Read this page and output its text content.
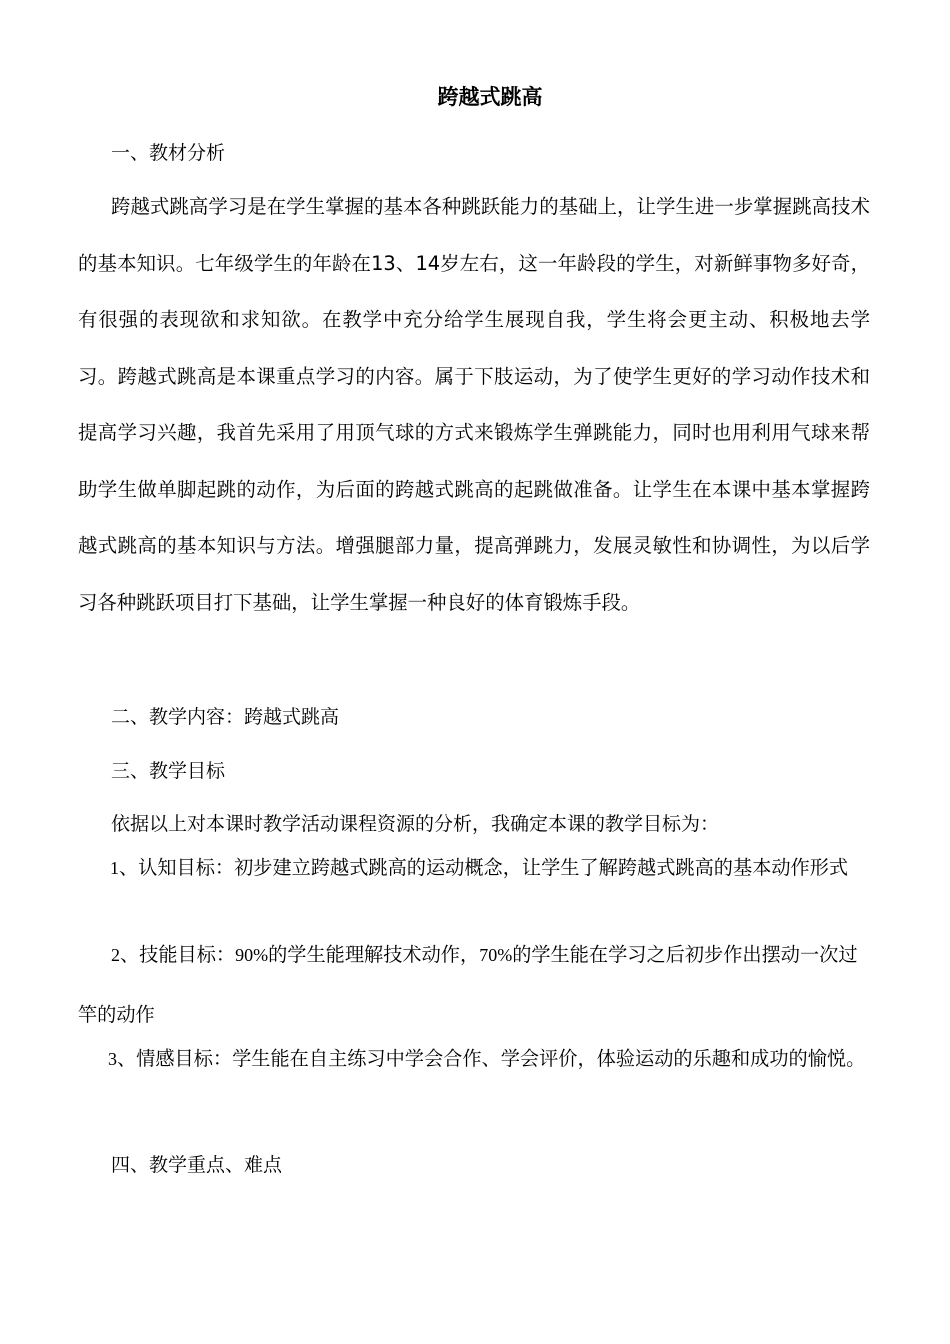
跨越式跳高

一、教材分析

跨越式跳高学习是在学生掌握的基本各种跳跃能力的基础上，让学生进一步掌握跳高技术的基本知识。七年级学生的年龄在13、14岁左右，这一年龄段的学生，对新鲜事物多好奇，有很强的表现欲和求知欲。在教学中充分给学生展现自我，学生将会更主动、积极地去学习。跨越式跳高是本课重点学习的内容。属于下肢运动，为了使学生更好的学习动作技术和提高学习兴趣，我首先采用了用顶气球的方式来锻炼学生弹跳能力，同时也用利用气球来帮助学生做单脚起跳的动作，为后面的跨越式跳高的起跳做准备。让学生在本课中基本掌握跨越式跳高的基本知识与方法。增强腿部力量，提高弹跳力，发展灵敏性和协调性，为以后学习各种跳跃项目打下基础，让学生掌握一种良好的体育锻炼手段。

二、教学内容：跨越式跳高

三、教学目标

依据以上对本课时教学活动课程资源的分析，我确定本课的教学目标为：

1、认知目标：初步建立跨越式跳高的运动概念，让学生了解跨越式跳高的基本动作形式

2、技能目标：90%的学生能理解技术动作，70%的学生能在学习之后初步作出摆动一次过竿的动作

3、情感目标：学生能在自主练习中学会合作、学会评价，体验运动的乐趣和成功的愉悦。

四、教学重点、难点
